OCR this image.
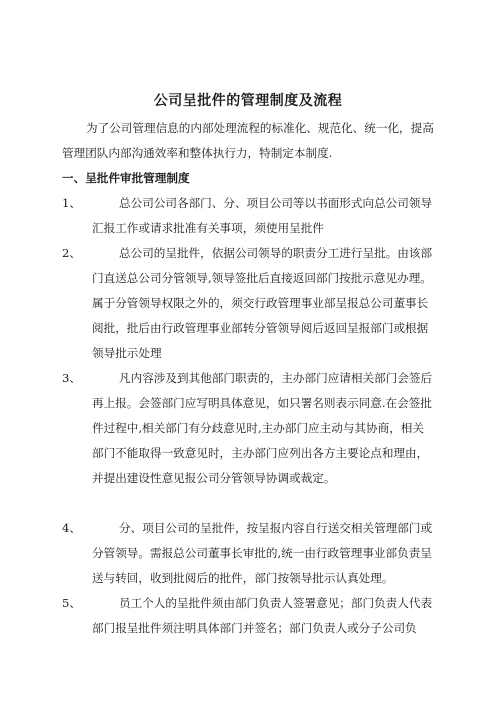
公司呈批件的管理制度及流程
为了公司管理信息的内部处理流程的标准化、规范化、统一化，提高管理团队内部沟通效率和整体执行力，特制定本制度.
一、呈批件审批管理制度
1、	总公司公司各部门、分、项目公司等以书面形式向总公司领导汇报工作或请求批准有关事项，须使用呈批件
2、	总公司的呈批件，依据公司领导的职责分工进行呈批。由该部门直送总公司分管领导,领导签批后直接返回部门按批示意见办理。属于分管领导权限之外的，须交行政管理事业部呈报总公司董事长阅批，批后由行政管理事业部转分管领导阅后返回呈报部门或根据领导批示处理
3、	凡内容涉及到其他部门职责的，主办部门应请相关部门会签后再上报。会签部门应写明具体意见，如只署名则表示同意.在会签批件过程中,相关部门有分歧意见时,主办部门应主动与其协商，相关部门不能取得一致意见时，主办部门应列出各方主要论点和理由，并提出建设性意见报公司分管领导协调或裁定。
4、	分、项目公司的呈批件，按呈报内容自行送交相关管理部门或分管领导。需报总公司董事长审批的,统一由行政管理事业部负责呈送与转回，收到批阅后的批件，部门按领导批示认真处理。
5、	员工个人的呈批件须由部门负责人签署意见；部门负责人代表部门报呈批件须注明具体部门并签名；部门负责人或分子公司负
